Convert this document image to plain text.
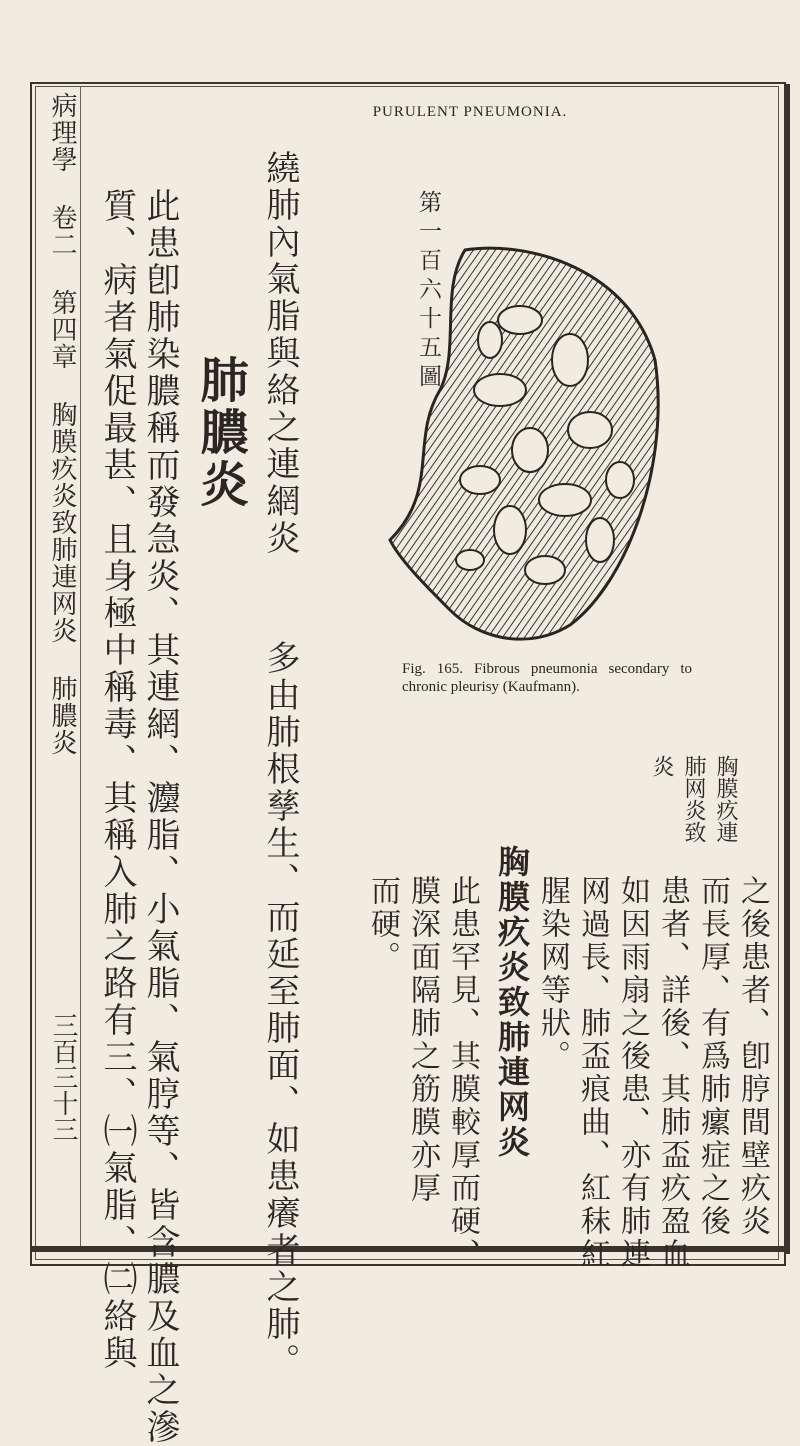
PURULENT PNEUMONIA.
病理學 卷二 第四章 胸膜疚炎致肺連网炎 肺膿炎
三百三十三 質、病者氣促最甚、且身極中稱毒、其稱入肺之路有三、㈠氣脂、㈡絡與 此患卽肺染膿稱而發急炎、其連網、灋脂、小氣脂、氣脝等、皆含膿及血之滲 肺膿炎 繞肺內氣脂與絡之連網炎
多由肺根孳生、而延至肺面、如患癢者之肺。
第一百六十五圖
Fig. 165. Fibrous pneumonia secondary to chronic pleurisy (Kaufmann).
胸膜疚連
肺网炎致
炎
之後患者、卽脝間壁疚炎
而長厚、有爲肺瘰症之後
患者、詳後、其肺盃疚盈血
如因雨扇之後患、亦有肺連
网過長、肺盃痕曲、紅秣紅
腥染网等狀。
胸膜疚炎致肺連网炎
此患罕見、其膜較厚而硬、
膜深面隔肺之筋膜亦厚
而硬。
